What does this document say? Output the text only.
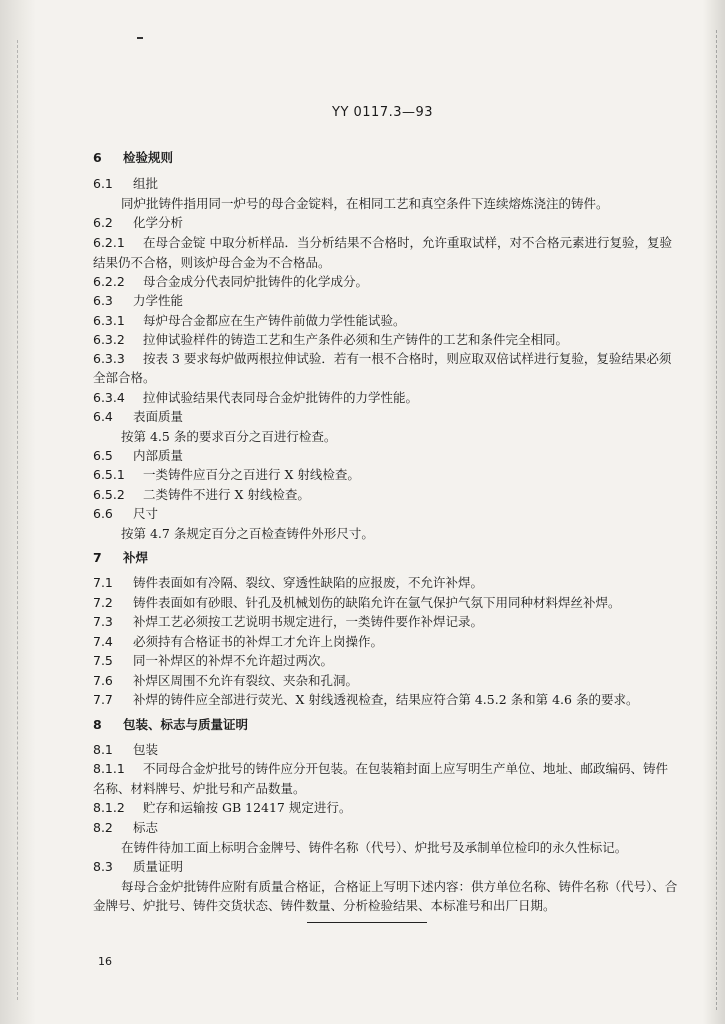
YY 0117.3—93
6 检验规则
6.1 组批
同炉批铸件指用同一炉号的母合金锭料，在相同工艺和真空条件下连续熔炼浇注的铸件。
6.2 化学分析
6.2.1 在母合金锭 中取分析样品．当分析结果不合格时，允许重取试样，对不合格元素进行复验，复验
结果仍不合格，则该炉母合金为不合格品。
6.2.2 母合金成分代表同炉批铸件的化学成分。
6.3 力学性能
6.3.1 每炉母合金都应在生产铸件前做力学性能试验。
6.3.2 拉伸试验样件的铸造工艺和生产条件必须和生产铸件的工艺和条件完全相同。
6.3.3 按表 3 要求每炉做两根拉伸试验．若有一根不合格时，则应取双倍试样进行复验，复验结果必须
全部合格。
6.3.4 拉伸试验结果代表同母合金炉批铸件的力学性能。
6.4 表面质量
按第 4.5 条的要求百分之百进行检查。
6.5 内部质量
6.5.1 一类铸件应百分之百进行 X 射线检查。
6.5.2 二类铸件不进行 X 射线检查。
6.6 尺寸
按第 4.7 条规定百分之百检查铸件外形尺寸。
7 补焊
7.1 铸件表面如有冷隔、裂纹、穿透性缺陷的应报废，不允许补焊。
7.2 铸件表面如有砂眼、针孔及机械划伤的缺陷允许在氩气保护气氛下用同种材料焊丝补焊。
7.3 补焊工艺必须按工艺说明书规定进行，一类铸件要作补焊记录。
7.4 必须持有合格证书的补焊工才允许上岗操作。
7.5 同一补焊区的补焊不允许超过两次。
7.6 补焊区周围不允许有裂纹、夹杂和孔洞。
7.7 补焊的铸件应全部进行荧光、X 射线透视检查，结果应符合第 4.5.2 条和第 4.6 条的要求。
8 包装、标志与质量证明
8.1 包装
8.1.1 不同母合金炉批号的铸件应分开包装。在包装箱封面上应写明生产单位、地址、邮政编码、铸件
名称、材料牌号、炉批号和产品数量。
8.1.2 贮存和运输按 GB 12417 规定进行。
8.2 标志
在铸件待加工面上标明合金牌号、铸件名称（代号）、炉批号及承制单位检印的永久性标记。
8.3 质量证明
每母合金炉批铸件应附有质量合格证，合格证上写明下述内容：供方单位名称、铸件名称（代号）、合
金牌号、炉批号、铸件交货状态、铸件数量、分析检验结果、本标准号和出厂日期。
16
